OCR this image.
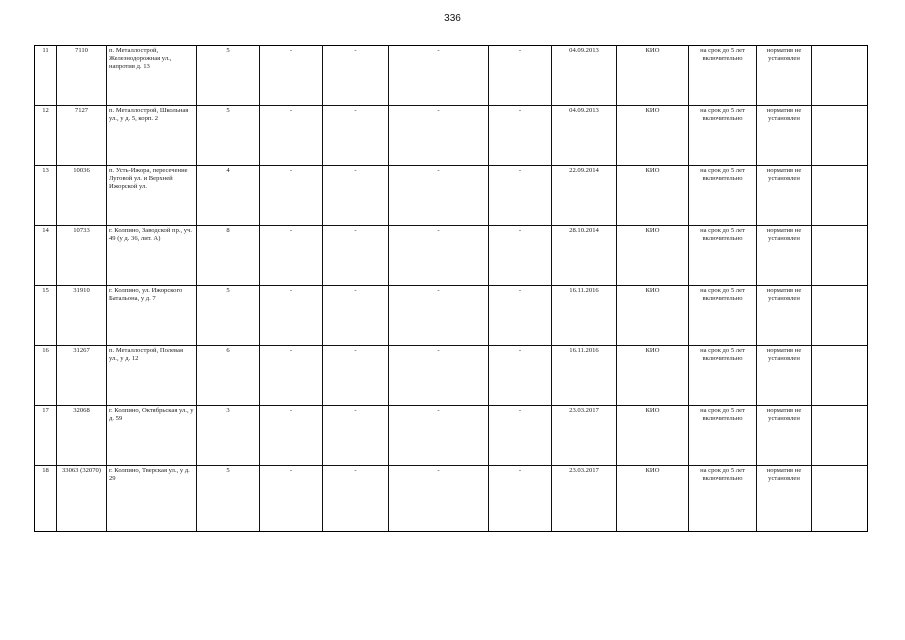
336
11	7110	п. Металлострой, Железнодорожная ул., напротив д. 13	5	-	-	-	-	04.09.2013	КИО	на срок до 5 лет включительно	норматив не установлен	
12	7127	п. Металлострой, Школьная ул., у д. 5, корп. 2	5	-	-	-	-	04.09.2013	КИО	на срок до 5 лет включительно	норматив не установлен	
13	10036	п. Усть-Ижора, пересечение Луговой ул. и Верхней Ижорской ул.	4	-	-	-	-	22.09.2014	КИО	на срок до 5 лет включительно	норматив не установлен	
14	10733	г. Колпино, Заводской пр., уч. 49 (у д. 36, лит. А)	8	-	-	-	-	28.10.2014	КИО	на срок до 5 лет включительно	норматив не установлен	
15	31910	г. Колпино, ул. Ижорского Батальона, у д. 7	5	-	-	-	-	16.11.2016	КИО	на срок до 5 лет включительно	норматив не установлен	
16	31267	п. Металлострой, Полевая ул., у д. 12	6	-	-	-	-	16.11.2016	КИО	на срок до 5 лет включительно	норматив не установлен	
17	32068	г. Колпино, Октябрьская ул., у д. 59	3	-	-	-	-	23.03.2017	КИО	на срок до 5 лет включительно	норматив не установлен	
18	33063 (32070)	г. Колпино, Тверская ул., у д. 29	5	-	-	-	-	23.03.2017	КИО	на срок до 5 лет включительно	норматив не установлен	
